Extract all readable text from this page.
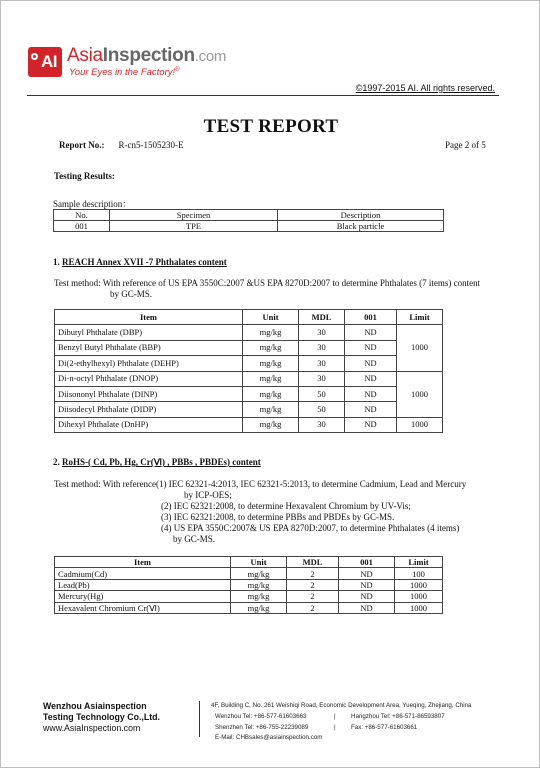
AI AsiaInspection.com
Your Eyes in the Factory!®
©1997-2015 AI. All rights reserved.
TEST REPORT
Report No.: R-cn5-1505230-E	Page 2 of 5
Testing Results:
Sample description：
No.	Specimen	Description
001	TPE	Black particle
1. REACH Annex XVII -7 Phthalates content
Test method: With reference of US EPA 3550C:2007 &US EPA 8270D:2007 to determine Phthalates (7 items) content
by GC-MS.
Item	Unit	MDL	001	Limit
Dibutyl Phthalate (DBP)	mg/kg	30	ND	1000
Benzyl Butyl Phthalate (BBP)	mg/kg	30	ND	
Di(2-ethylhexyl) Phthalate (DEHP)	mg/kg	30	ND	
Di-n-octyl Phthalate (DNOP)	mg/kg	30	ND	1000
Diisononyl Phthalate (DINP)	mg/kg	50	ND	
Diisodecyl Phthalate (DIDP)	mg/kg	50	ND	
Dihexyl Phthalate (DnHP)	mg/kg	30	ND	1000
2. RoHS-( Cd, Pb, Hg, Cr(Ⅵ) , PBBs , PBDEs) content
Test method: With reference(1) IEC 62321-4:2013, IEC 62321-5:2013, to determine Cadmium, Lead and Mercury
by ICP-OES;
(2) IEC 62321:2008, to determine Hexavalent Chromium by UV-Vis;
(3) IEC 62321:2008, to determine PBBs and PBDEs by GC-MS.
(4) US EPA 3550C:2007& US EPA 8270D:2007, to determine Phthalates (4 items)
by GC-MS.
Item	Unit	MDL	001	Limit
Cadmium(Cd)	mg/kg	2	ND	100
Lead(Pb)	mg/kg	2	ND	1000
Mercury(Hg)	mg/kg	2	ND	1000
Hexavalent Chromium Cr(Ⅵ)	mg/kg	2	ND	1000
Wenzhou Asiainspection
Testing Technology Co.,Ltd.
www.AsiaInspection.com
4F, Building C, No. 261 Weishiqi Road, Economic Development Area, Yueqing, Zhejiang, China
Wenzhou Tel: +86-577-61603663	| Hangzhou Tel: +86-571-86593807
Shenzhen Tel: +86-755-22239089	| Fax: +86-577-61603661
E-Mail: CHBsales@asiainspection.com
